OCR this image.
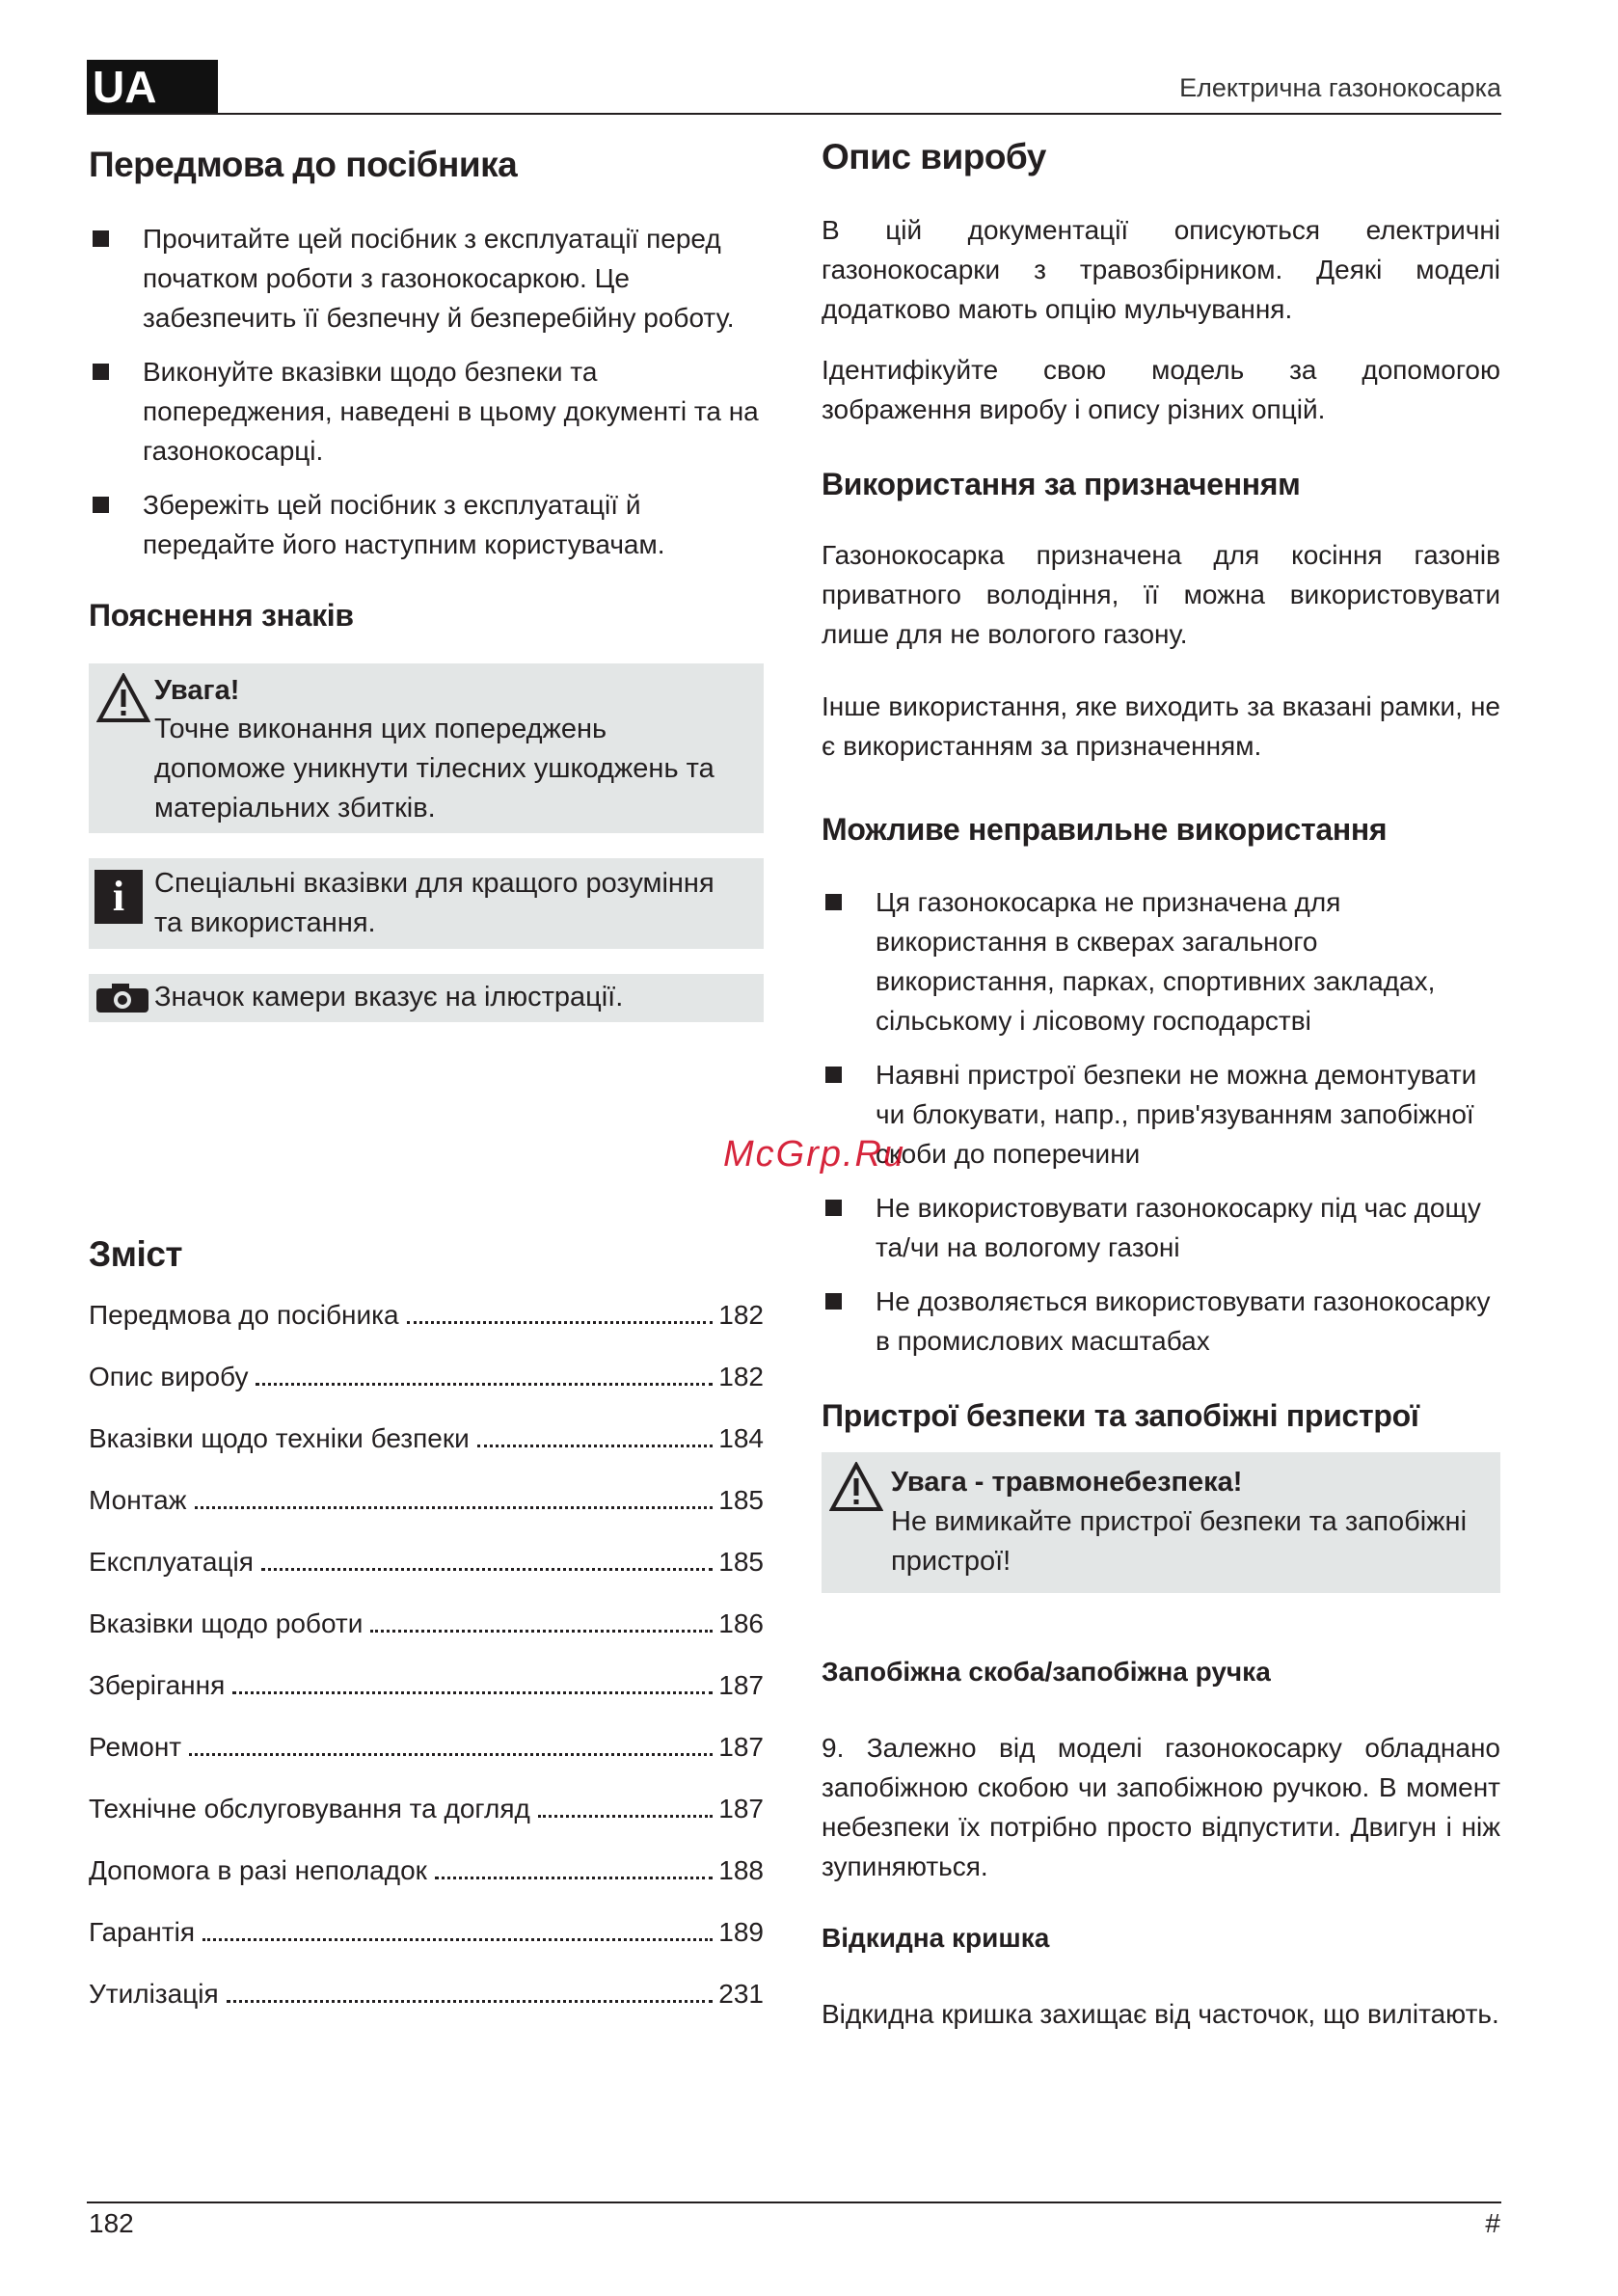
UA	Електрична газонокосарка
Передмова до посібника
Прочитайте цей посібник з експлуатації перед початком роботи з газонокосаркою. Це забезпечить її безпечну й безперебійну роботу.
Виконуйте вказівки щодо безпеки та попереджения, наведені в цьому документі та на газонокосарці.
Збережіть цей посібник з експлуатації й передайте його наступним користувачам.
Пояснення знаків
Увага!

Точне виконання цих попереджень допоможе уникнути тілесних ушкоджень та матеріальних збитків.

i	Спеціальні вказівки для кращого розуміння та використання.

Значок камери вказує на ілюстрації.

Зміст
Передмова до посібника	182
Опис виробу	182
Вказівки щодо техніки безпеки	184
Монтаж	185
Експлуатація	185
Вказівки щодо роботи	186
Зберігання	187
Ремонт	187
Технічне обслуговування та догляд	187
Допомога в разі неполадок	188
Гарантія	189
Утилізація	231
Опис виробу

В цій документації описуються електричні газонокосарки з травозбірником. Деякі моделі додатково мають опцію мульчування.

Ідентифікуйте свою модель за допомогою зображення виробу і опису різних опцій.

Використання за призначенням

Газонокосарка призначена для косіння газонів приватного володіння, її можна використовувати лише для не вологого газону.

Інше використання, яке виходить за вказані рамки, не є використанням за призначенням.

Можливе неправильне використання
Ця газонокосарка не призначена для використання в скверах загального використання, парках, спортивних закладах, сільському і лісовому господарстві
Наявні пристрої безпеки не можна демонтувати чи блокувати, напр., прив'язуванням запобіжної скоби до поперечини
Не використовувати газонокосарку під час дощу та/чи на вологому газоні
Не дозволяється використовувати газонокосарку в промислових масштабах
Пристрої безпеки та запобіжні пристрої
Увага - травмонебезпека!

Не вимикайте пристрої безпеки та запобіжні пристрої!

Запобіжна скоба/запобіжна ручка

9. Залежно від моделі газонокосарку обладнано запобіжною скобою чи запобіжною ручкою. В момент небезпеки їх потрібно просто відпустити. Двигун і ніж зупиняються.

Відкидна кришка

Відкидна кришка захищає від часточок, що вилітають.

McGrp.Ru
182	#
